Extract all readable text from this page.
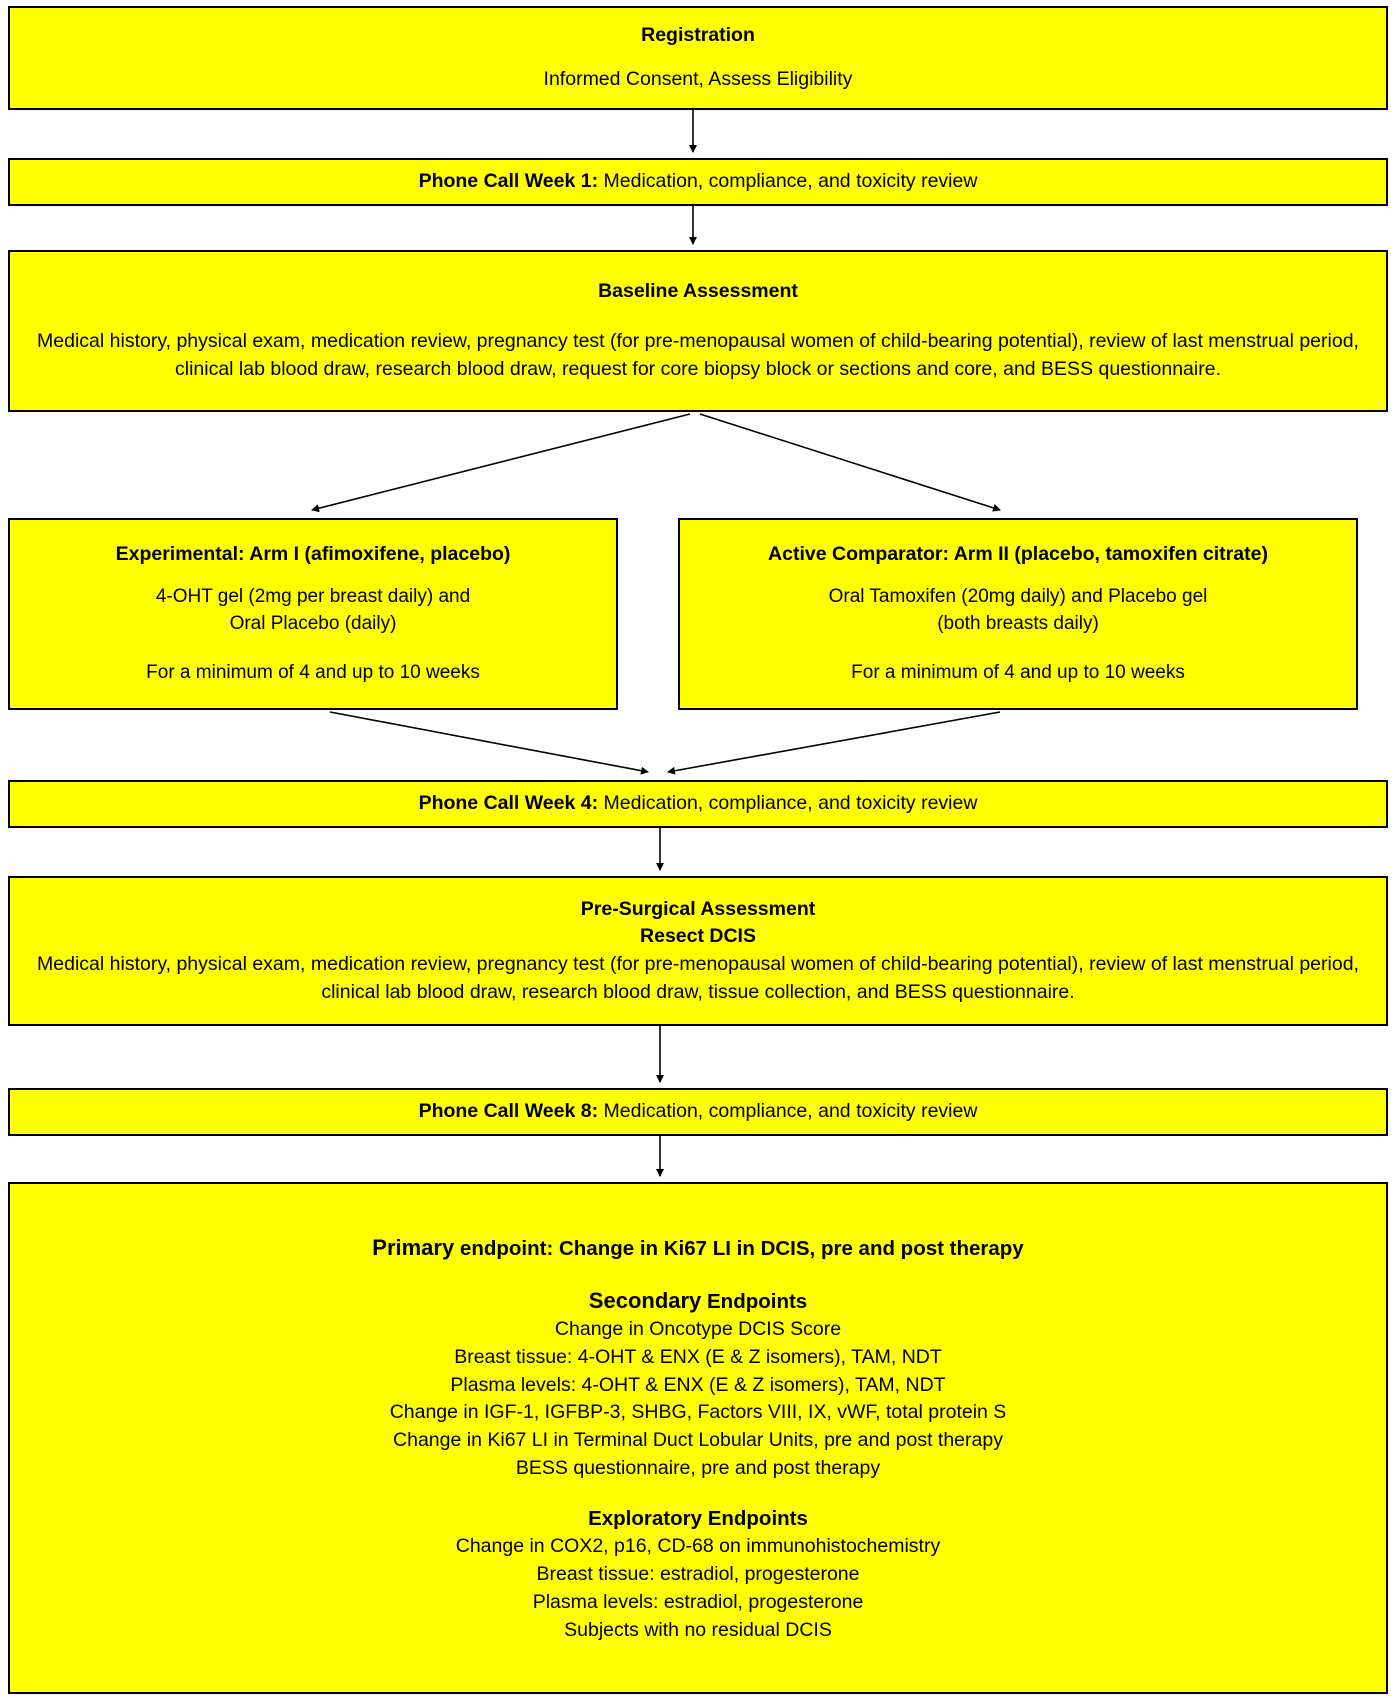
Registration
Informed Consent, Assess Eligibility
Phone Call Week 1: Medication, compliance, and toxicity review
Baseline Assessment
Medical history, physical exam, medication review, pregnancy test (for pre-menopausal women of child-bearing potential), review of last menstrual period, clinical lab blood draw, research blood draw, request for core biopsy block or sections and core, and BESS questionnaire.
Experimental: Arm I (afimoxifene, placebo)
4-OHT gel (2mg per breast daily) and
Oral Placebo (daily)
For a minimum of 4 and up to 10 weeks
Active Comparator: Arm II (placebo, tamoxifen citrate)
Oral Tamoxifen (20mg daily) and Placebo gel
(both breasts daily)
For a minimum of 4 and up to 10 weeks
Phone Call Week 4: Medication, compliance, and toxicity review
Pre-Surgical Assessment
Resect DCIS
Medical history, physical exam, medication review, pregnancy test (for pre-menopausal women of child-bearing potential), review of last menstrual period, clinical lab blood draw, research blood draw, tissue collection, and BESS questionnaire.
Phone Call Week 8: Medication, compliance, and toxicity review
Primary endpoint: Change in Ki67 LI in DCIS, pre and post therapy
Secondary Endpoints
Change in Oncotype DCIS Score
Breast tissue: 4-OHT & ENX (E & Z isomers), TAM, NDT
Plasma levels: 4-OHT & ENX (E & Z isomers), TAM, NDT
Change in IGF-1, IGFBP-3, SHBG, Factors VIII, IX, vWF, total protein S
Change in Ki67 LI in Terminal Duct Lobular Units, pre and post therapy
BESS questionnaire, pre and post therapy
Exploratory Endpoints
Change in COX2, p16, CD-68 on immunohistochemistry
Breast tissue: estradiol, progesterone
Plasma levels: estradiol, progesterone
Subjects with no residual DCIS
